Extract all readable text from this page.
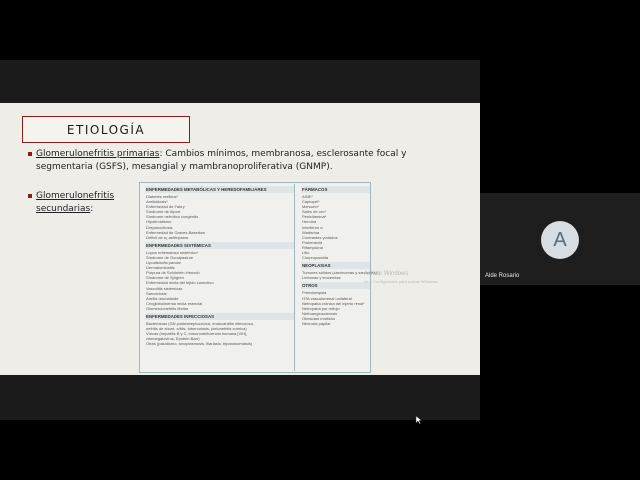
ETIOLOGÍA
Glomerulonefritis primarias: Cambios mínimos, membranosa, esclerosante focal y segmentaria (GSFS), mesangial y mambranoproliferativa (GNMP).
Glomerulonefritis
secundarias:
ENFERMEDADES METABÓLICAS Y HEREDOFAMILIARES
Diabetes mellitus*
Amiloidosis*
Enfermedad de Fabry
Síndrome de Alport
Síndrome nefrótico congénito
Hipotiroidismo
Drepanocitosis
Enfermedad de Graves-Basedow
Déficit de α₁-antitripsina
ENFERMEDADES SISTÉMICAS
Lupus eritematoso sistémico*
Síndrome de Goodpasture
Lipodistrofia parcial
Dermatomiositis
Púrpura de Schönlein-Henoch
Síndrome de Sjögren
Enfermedad mixta del tejido conectivo
Vasculitis sistémicas
Sarcoidosis
Artritis reumatoide
Crioglobulinemia mixta esencial
Glomerulonefritis fibrilar
ENFERMEDADES INFECCIOSAS
Bacterianas (GN postestreptocócica, endocarditis infecciosa,
nefritis de shunt, sífilis, tuberculosis, pielonefritis crónica)
Víricas (hepatitis B y C, inmunodeficiencia humana [VIH],
citomegalovirus, Epstein-Barr)
Otras (paludismo, toxoplasmosis, filariasis, tripanosomiasis)
FÁRMACOS
AINE*
Captopril*
Mercurio*
Sales de oro*
Penicilamina*
Heroína
Interferón α
Warfarina
Contrastes yodados
Probenecid
Rifampicina
Litio
Clorpropamida
NEOPLASIAS
Tumores sólidos (carcinomas y sarcomas)*
Linfomas y leucemias
OTROS
Preeclampsia
HTA vasculorrenal unilateral
Nefropatía crónica del injerto renal*
Nefropatía por reflujo
Nefroangiosclerosis
Obesidad mórbida
Necrosis papilar
Activar Windows
Ve a Configuración para activar Windows.
A
Alde Rosario
